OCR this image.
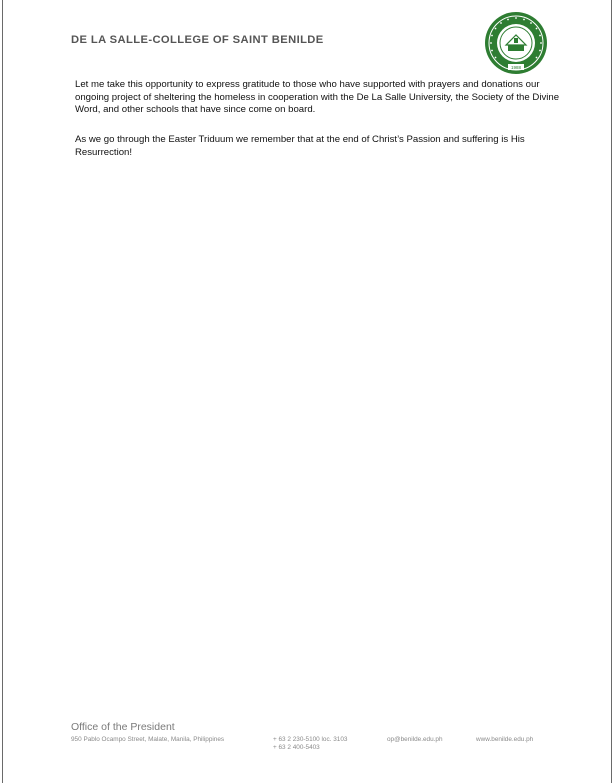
DE LA SALLE-COLLEGE OF SAINT BENILDE
1988
Let me take this opportunity to express gratitude to those who have supported with prayers and donations our ongoing project of sheltering the homeless in cooperation with the De La Salle University, the Society of the Divine Word, and other schools that have since come on board.
As we go through the Easter Triduum we remember that at the end of Christ’s Passion and suffering is His Resurrection!
Office of the President
950 Pablo Ocampo Street, Malate, Manila, Philippines	+ 63 2 230-5100 loc. 3103
+ 63 2 400-5403
op@benilde.edu.ph	www.benilde.edu.ph
